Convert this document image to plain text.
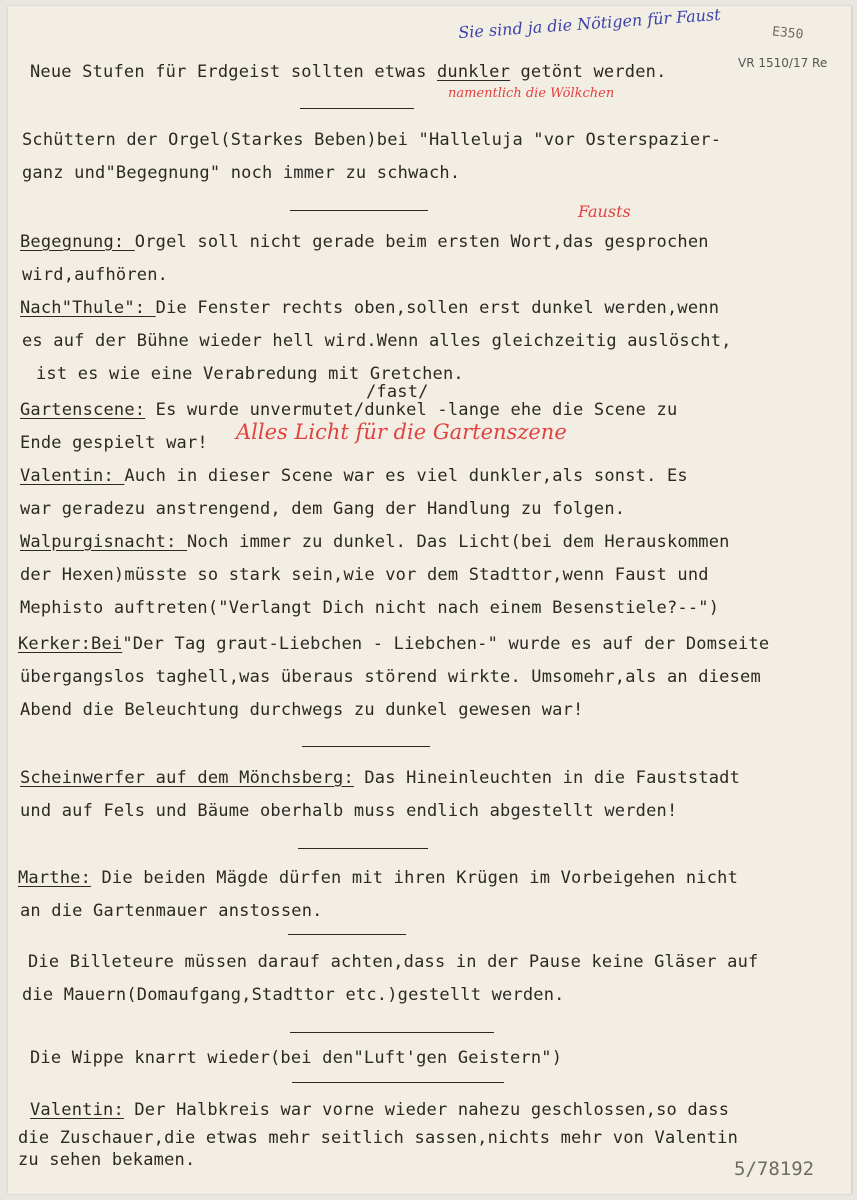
Sie sind ja die Nötigen für Faust	E350
VR 1510/17 Re
namentlich die Wölkchen
Fausts
Alles Licht für die Gartenszene
5/78192
Neue Stufen für Erdgeist sollten etwas dunkler getönt werden.
Schüttern der Orgel(Starkes Beben)bei "Halleluja "vor Osterspazier-
ganz und"Begegnung" noch immer zu schwach.
Begegnung: Orgel soll nicht gerade beim ersten Wort,das gesprochen
wird,aufhören.
Nach"Thule": Die Fenster rechts oben,sollen erst dunkel werden,wenn
es auf der Bühne wieder hell wird.Wenn alles gleichzeitig auslöscht,
ist es wie eine Verabredung mit Gretchen.
/fast/
Gartenscene: Es wurde unvermutet/dunkel -lange ehe die Scene zu
Ende gespielt war!
Valentin: Auch in dieser Scene war es viel dunkler,als sonst. Es
war geradezu anstrengend, dem Gang der Handlung zu folgen.
Walpurgisnacht: Noch immer zu dunkel. Das Licht(bei dem Herauskommen
der Hexen)müsste so stark sein,wie vor dem Stadttor,wenn Faust und
Mephisto auftreten("Verlangt Dich nicht nach einem Besenstiele?--")
Kerker:Bei"Der Tag graut-Liebchen - Liebchen-" wurde es auf der Domseite
übergangslos taghell,was überaus störend wirkte. Umsomehr,als an diesem
Abend die Beleuchtung durchwegs zu dunkel gewesen war!
Scheinwerfer auf dem Mönchsberg: Das Hineinleuchten in die Fauststadt
und auf Fels und Bäume oberhalb muss endlich abgestellt werden!
Marthe: Die beiden Mägde dürfen mit ihren Krügen im Vorbeigehen nicht
an die Gartenmauer anstossen.
Die Billeteure müssen darauf achten,dass in der Pause keine Gläser auf
die Mauern(Domaufgang,Stadttor etc.)gestellt werden.
Die Wippe knarrt wieder(bei den"Luft'gen Geistern")
Valentin: Der Halbkreis war vorne wieder nahezu geschlossen,so dass
die Zuschauer,die etwas mehr seitlich sassen,nichts mehr von Valentin
zu sehen bekamen.
